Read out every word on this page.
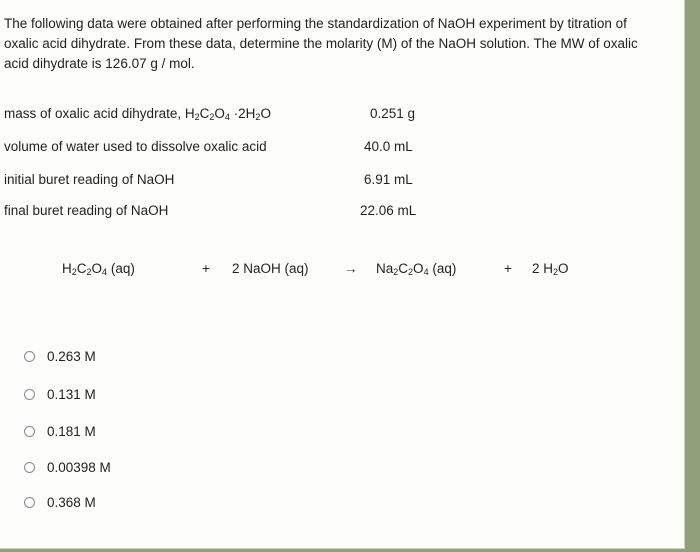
The following data were obtained after performing the standardization of NaOH experiment by titration of oxalic acid dihydrate. From these data, determine the molarity (M) of the NaOH solution. The MW of oxalic acid dihydrate is 126.07 g / mol.

mass of oxalic acid dihydrate, $H_2C_2O_4 \cdot 2H_2O$	0.251 g
volume of water used to dissolve oxalic acid	40.0 mL
initial buret reading of NaOH	6.91 mL
final buret reading of NaOH	22.06 mL
$H_2C_2O_4$ (aq)	+ 2 NaOH (aq)	→ $Na_2C_2O_4$ (aq)	+ 2 $H_2O$
0.263 M
0.131 M
0.181 M
0.00398 M
0.368 M
